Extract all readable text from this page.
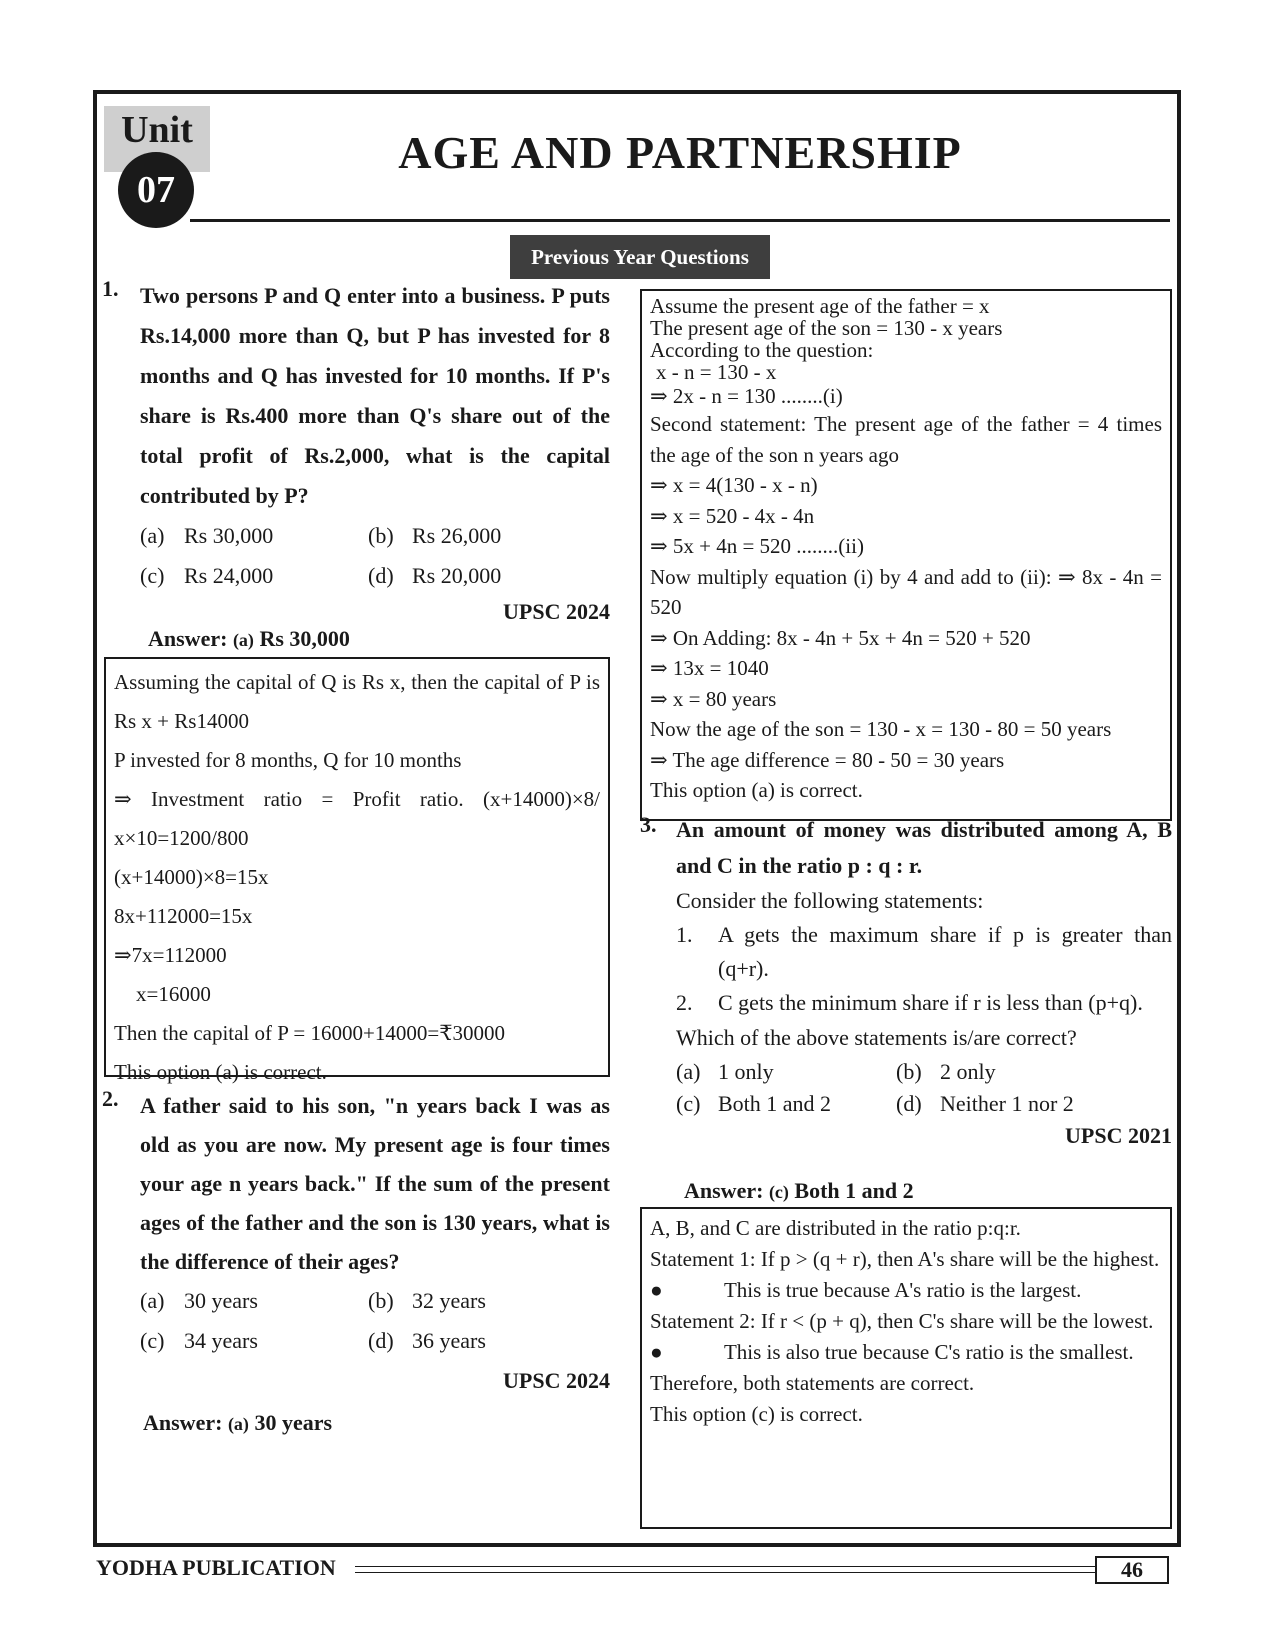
Unit
07
AGE AND PARTNERSHIP
Previous Year Questions
1. Two persons P and Q enter into a business. P puts Rs.14,000 more than Q, but P has invested for 8 months and Q has invested for 10 months. If P's share is Rs.400 more than Q's share out of the total profit of Rs.2,000, what is the capital contributed by P?
(a) Rs 30,000	(b) Rs 26,000
(c) Rs 24,000	(d) Rs 20,000
UPSC 2024
Answer: (a) Rs 30,000
Assuming the capital of Q is Rs x, then the capital of P is Rs x + Rs14000
P invested for 8 months, Q for 10 months
⇒ Investment ratio = Profit ratio. (x+14000)×8/ x×10=1200/800
(x+14000)×8=15x
8x+112000=15x
⇒7x=112000
x=16000
Then the capital of P = 16000+14000=₹30000
This option (a) is correct.
2. A father said to his son, "n years back I was as old as you are now. My present age is four times your age n years back." If the sum of the present ages of the father and the son is 130 years, what is the difference of their ages?
(a) 30 years	(b) 32 years
(c) 34 years	(d) 36 years
UPSC 2024
Answer: (a) 30 years
Assume the present age of the father = x
The present age of the son = 130 - x years
According to the question:
x - n = 130 - x
⇒ 2x - n = 130 ........(i)
Second statement: The present age of the father = 4 times the age of the son n years ago
⇒ x = 4(130 - x - n)
⇒ x = 520 - 4x - 4n
⇒ 5x + 4n = 520 ........(ii)
Now multiply equation (i) by 4 and add to (ii): ⇒ 8x - 4n = 520
⇒ On Adding: 8x - 4n + 5x + 4n = 520 + 520
⇒ 13x = 1040
⇒ x = 80 years
Now the age of the son = 130 - x = 130 - 80 = 50 years
⇒ The age difference = 80 - 50 = 30 years
This option (a) is correct.
3. An amount of money was distributed among A, B and C in the ratio p : q : r.
Consider the following statements:
1. A gets the maximum share if p is greater than (q+r).
2. C gets the minimum share if r is less than (p+q).
Which of the above statements is/are correct?
(a) 1 only	(b) 2 only
(c) Both 1 and 2	(d) Neither 1 nor 2
UPSC 2021
Answer: (c) Both 1 and 2
A, B, and C are distributed in the ratio p:q:r.
Statement 1: If p > (q + r), then A's share will be the highest.
●	This is true because A's ratio is the largest.
Statement 2: If r < (p + q), then C's share will be the lowest.
●	This is also true because C's ratio is the smallest.
Therefore, both statements are correct.
This option (c) is correct.
YODHA PUBLICATION	46
